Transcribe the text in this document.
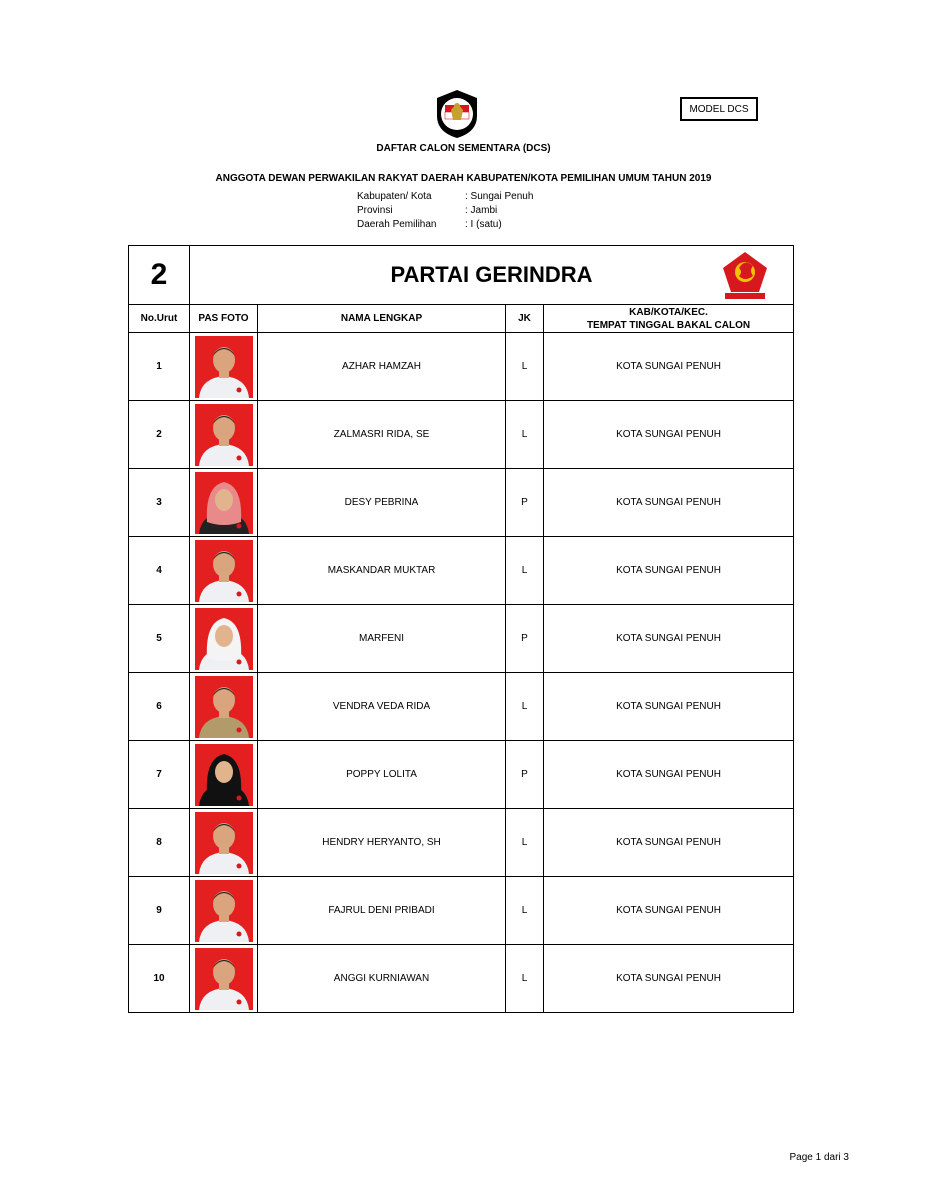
MODEL DCS
DAFTAR CALON SEMENTARA (DCS)
ANGGOTA DEWAN PERWAKILAN RAKYAT DAERAH KABUPATEN/KOTA PEMILIHAN UMUM TAHUN 2019
Kabupaten/ Kota	: Sungai Penuh
Provinsi	: Jambi
Daerah Pemilihan	: I (satu)
2	PARTAI GERINDRA			

No.Urut	PAS FOTO	NAMA LENGKAP	JK	KAB/KOTA/KEC.
TEMPAT TINGGAL BAKAL CALON

1		AZHAR HAMZAH	L	KOTA SUNGAI PENUH
2		ZALMASRI RIDA, SE	L	KOTA SUNGAI PENUH
3		DESY PEBRINA	P	KOTA SUNGAI PENUH
4		MASKANDAR MUKTAR	L	KOTA SUNGAI PENUH
5		MARFENI	P	KOTA SUNGAI PENUH
6		VENDRA VEDA RIDA	L	KOTA SUNGAI PENUH
7		POPPY LOLITA	P	KOTA SUNGAI PENUH
8		HENDRY HERYANTO, SH	L	KOTA SUNGAI PENUH
9		FAJRUL DENI PRIBADI	L	KOTA SUNGAI PENUH
10		ANGGI KURNIAWAN	L	KOTA SUNGAI PENUH
Page 1 dari 3
